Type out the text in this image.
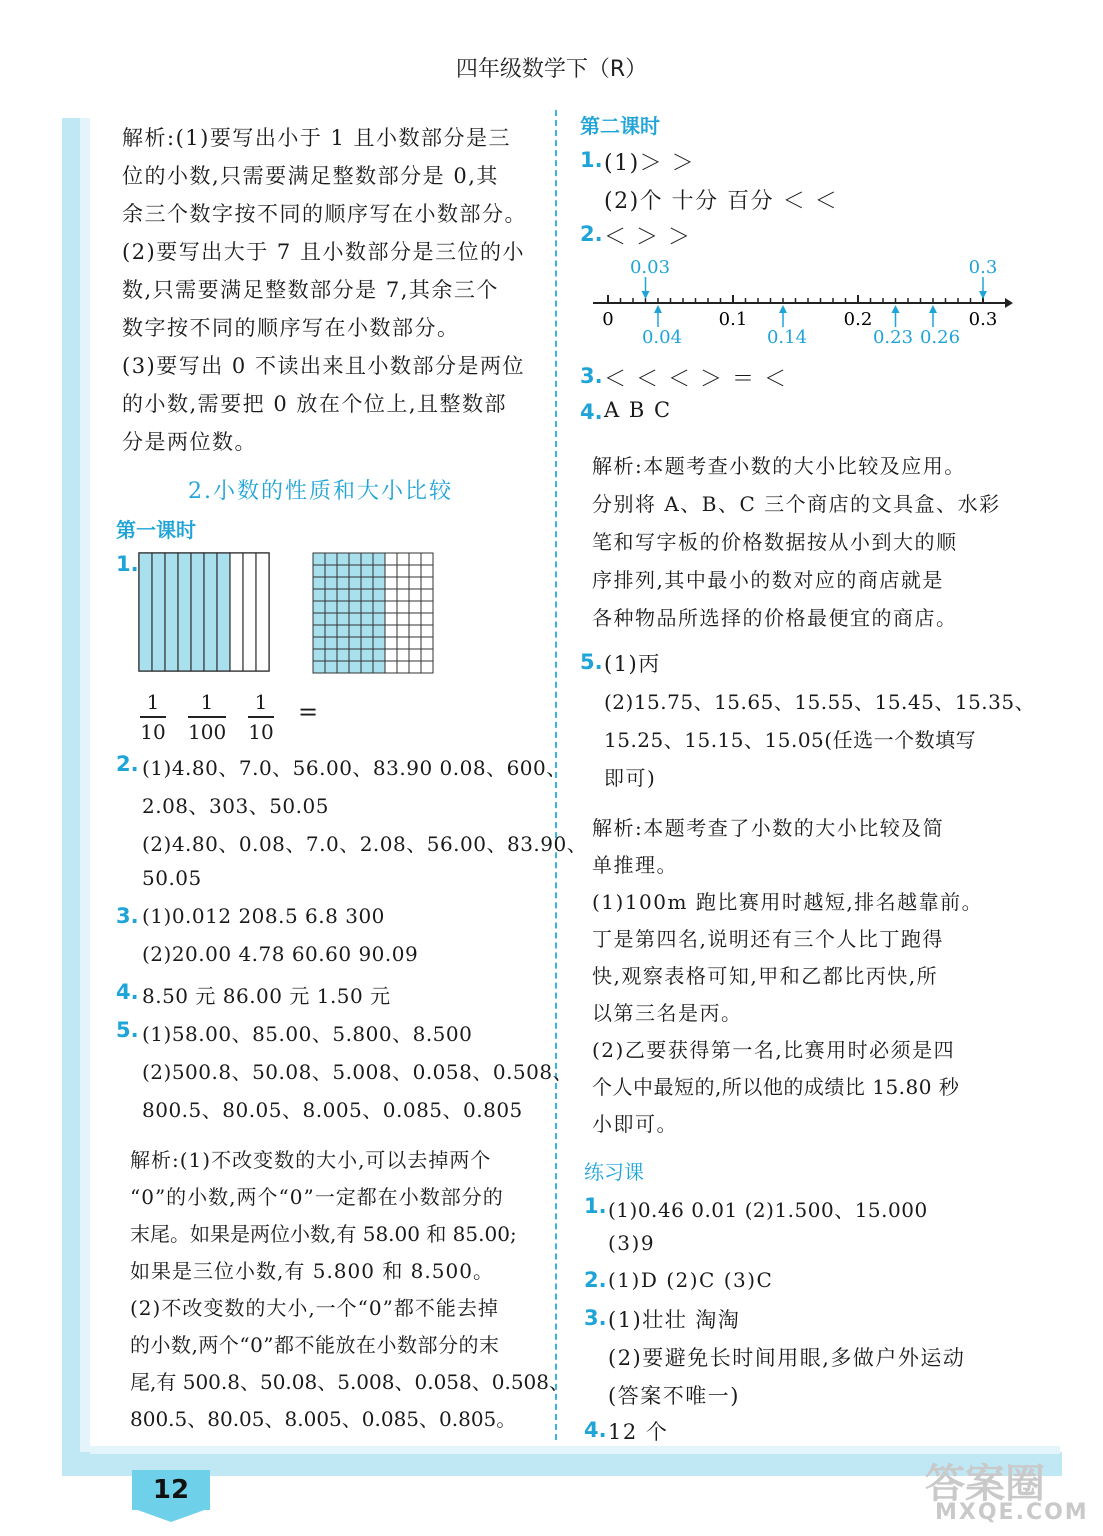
四年级数学下（R）
解析:(1)要写出小于 1 且小数部分是三
位的小数,只需要满足整数部分是 0,其
余三个数字按不同的顺序写在小数部分。
(2)要写出大于 7 且小数部分是三位的小
数,只需要满足整数部分是 7,其余三个
数字按不同的顺序写在小数部分。
(3)要写出 0 不读出来且小数部分是两位
的小数,需要把 0 放在个位上,且整数部
分是两位数。
2.小数的性质和大小比较
第一课时
1.
1
10
1
100
1
10
=
2. (1)4.80、7.0、56.00、83.90 0.08、600、
2.08、303、50.05
(2)4.80、0.08、7.0、2.08、56.00、83.90、
50.05
3. (1)0.012 208.5 6.8 300
(2)20.00 4.78 60.60 90.09
4. 8.50 元 86.00 元 1.50 元
5. (1)58.00、85.00、5.800、8.500
(2)500.8、50.08、5.008、0.058、0.508、
800.5、80.05、8.005、0.085、0.805
解析:(1)不改变数的大小,可以去掉两个
“0”的小数,两个“0”一定都在小数部分的
末尾。如果是两位小数,有 58.00 和 85.00;
如果是三位小数,有 5.800 和 8.500。
(2)不改变数的大小,一个“0”都不能去掉
的小数,两个“0”都不能放在小数部分的末
尾,有 500.8、50.08、5.008、0.058、0.508、
800.5、80.05、8.005、0.085、0.805。
第二课时
1. (1)＞ ＞
(2)个 十分 百分 ＜ ＜
2. ＜ ＞ ＞
0	0.1	0.2	0.3
0.03	0.3
0.04	0.14	0.23 0.26
3. ＜ ＜ ＜ ＞ ＝ ＜
4. A B C
解析:本题考查小数的大小比较及应用。
分别将 A、B、C 三个商店的文具盒、水彩
笔和写字板的价格数据按从小到大的顺
序排列,其中最小的数对应的商店就是
各种物品所选择的价格最便宜的商店。
5. (1)丙
(2)15.75、15.65、15.55、15.45、15.35、
15.25、15.15、15.05(任选一个数填写
即可)
解析:本题考查了小数的大小比较及简
单推理。
(1)100m 跑比赛用时越短,排名越靠前。
丁是第四名,说明还有三个人比丁跑得
快,观察表格可知,甲和乙都比丙快,所
以第三名是丙。
(2)乙要获得第一名,比赛用时必须是四
个人中最短的,所以他的成绩比 15.80 秒
小即可。
练习课
1. (1)0.46 0.01 (2)1.500、15.000
(3)9
2. (1)D (2)C (3)C
3. (1)壮壮 淘淘
(2)要避免长时间用眼,多做户外运动
(答案不唯一)
4. 12 个
12	答案圈
MXQE.COM
